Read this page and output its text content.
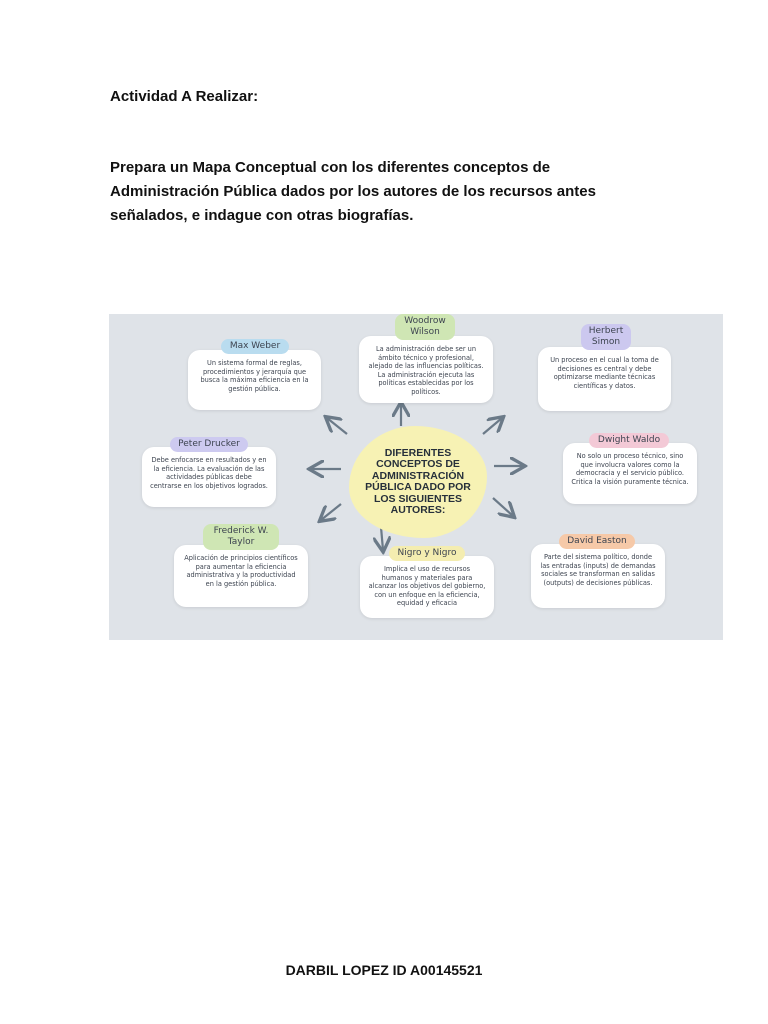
Actividad A Realizar:
Prepara un Mapa Conceptual con los diferentes conceptos de Administración Pública dados por los autores de los recursos antes señalados, e indague con otras biografías.
DIFERENTES CONCEPTOS DE ADMINISTRACIÓN PÚBLICA DADO POR LOS SIGUIENTES AUTORES:
Un sistema formal de reglas, procedimientos y jerarquía que busca la máxima eficiencia en la gestión pública.
Max Weber	La administración debe ser un ámbito técnico y profesional, alejado de las influencias políticas. La administración ejecuta las políticas establecidas por los políticos.
Woodrow Wilson
Un proceso en el cual la toma de decisiones es central y debe optimizarse mediante técnicas científicas y datos.
Herbert Simon
Debe enfocarse en resultados y en la eficiencia. La evaluación de las actividades públicas debe centrarse en los objetivos logrados.
Peter Drucker
No solo un proceso técnico, sino que involucra valores como la democracia y el servicio público. Critica la visión puramente técnica.
Dwight Waldo
Aplicación de principios científicos para aumentar la eficiencia administrativa y la productividad en la gestión pública.
Frederick W. Taylor
Implica el uso de recursos humanos y materiales para alcanzar los objetivos del gobierno, con un enfoque en la eficiencia, equidad y eficacia
Nigro y Nigro	Parte del sistema político, donde las entradas (inputs) de demandas sociales se transforman en salidas (outputs) de decisiones públicas.
David Easton
DARBIL LOPEZ ID A00145521
